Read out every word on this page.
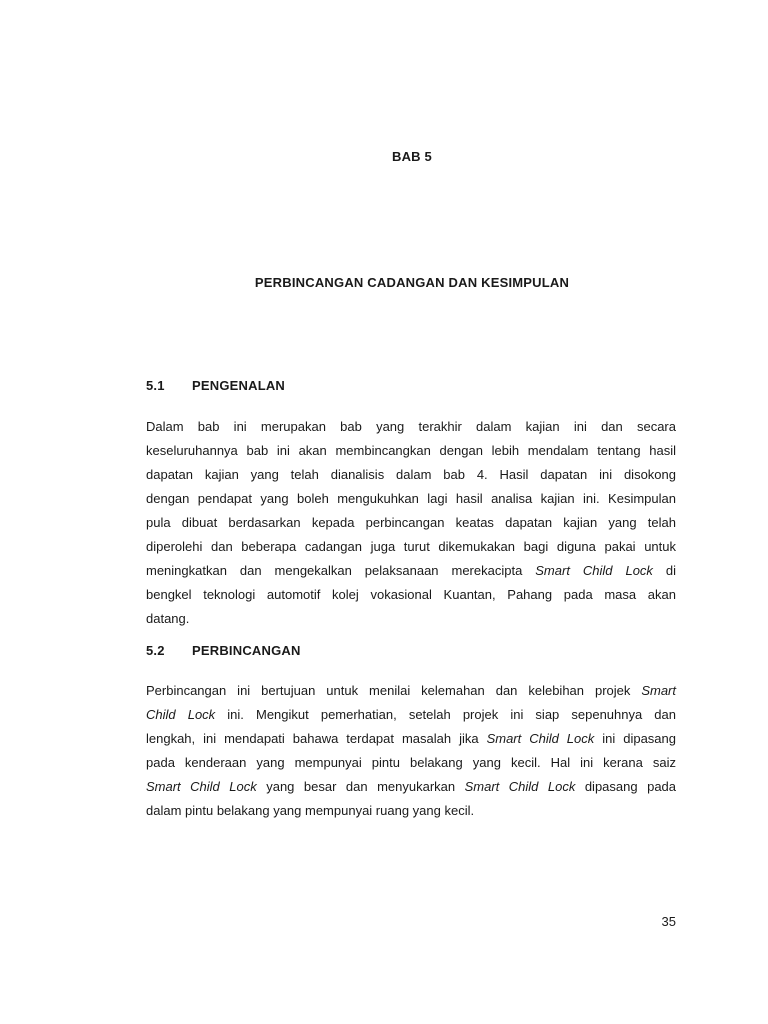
BAB 5
PERBINCANGAN CADANGAN DAN KESIMPULAN
5.1 PENGENALAN
Dalam bab ini merupakan bab yang terakhir dalam kajian ini dan secara
keseluruhannya bab ini akan membincangkan dengan lebih mendalam tentang hasil
dapatan kajian yang telah dianalisis dalam bab 4. Hasil dapatan ini disokong
dengan pendapat yang boleh mengukuhkan lagi hasil analisa kajian ini. Kesimpulan
pula dibuat berdasarkan kepada perbincangan keatas dapatan kajian yang telah
diperolehi dan beberapa cadangan juga turut dikemukakan bagi diguna pakai untuk
meningkatkan dan mengekalkan pelaksanaan merekacipta Smart Child Lock di
bengkel teknologi automotif kolej vokasional Kuantan, Pahang pada masa akan
datang.
5.2 PERBINCANGAN
Perbincangan ini bertujuan untuk menilai kelemahan dan kelebihan projek Smart
Child Lock ini. Mengikut pemerhatian, setelah projek ini siap sepenuhnya dan
lengkah, ini mendapati bahawa terdapat masalah jika Smart Child Lock ini dipasang
pada kenderaan yang mempunyai pintu belakang yang kecil. Hal ini kerana saiz
Smart Child Lock yang besar dan menyukarkan Smart Child Lock dipasang pada
dalam pintu belakang yang mempunyai ruang yang kecil.
35
